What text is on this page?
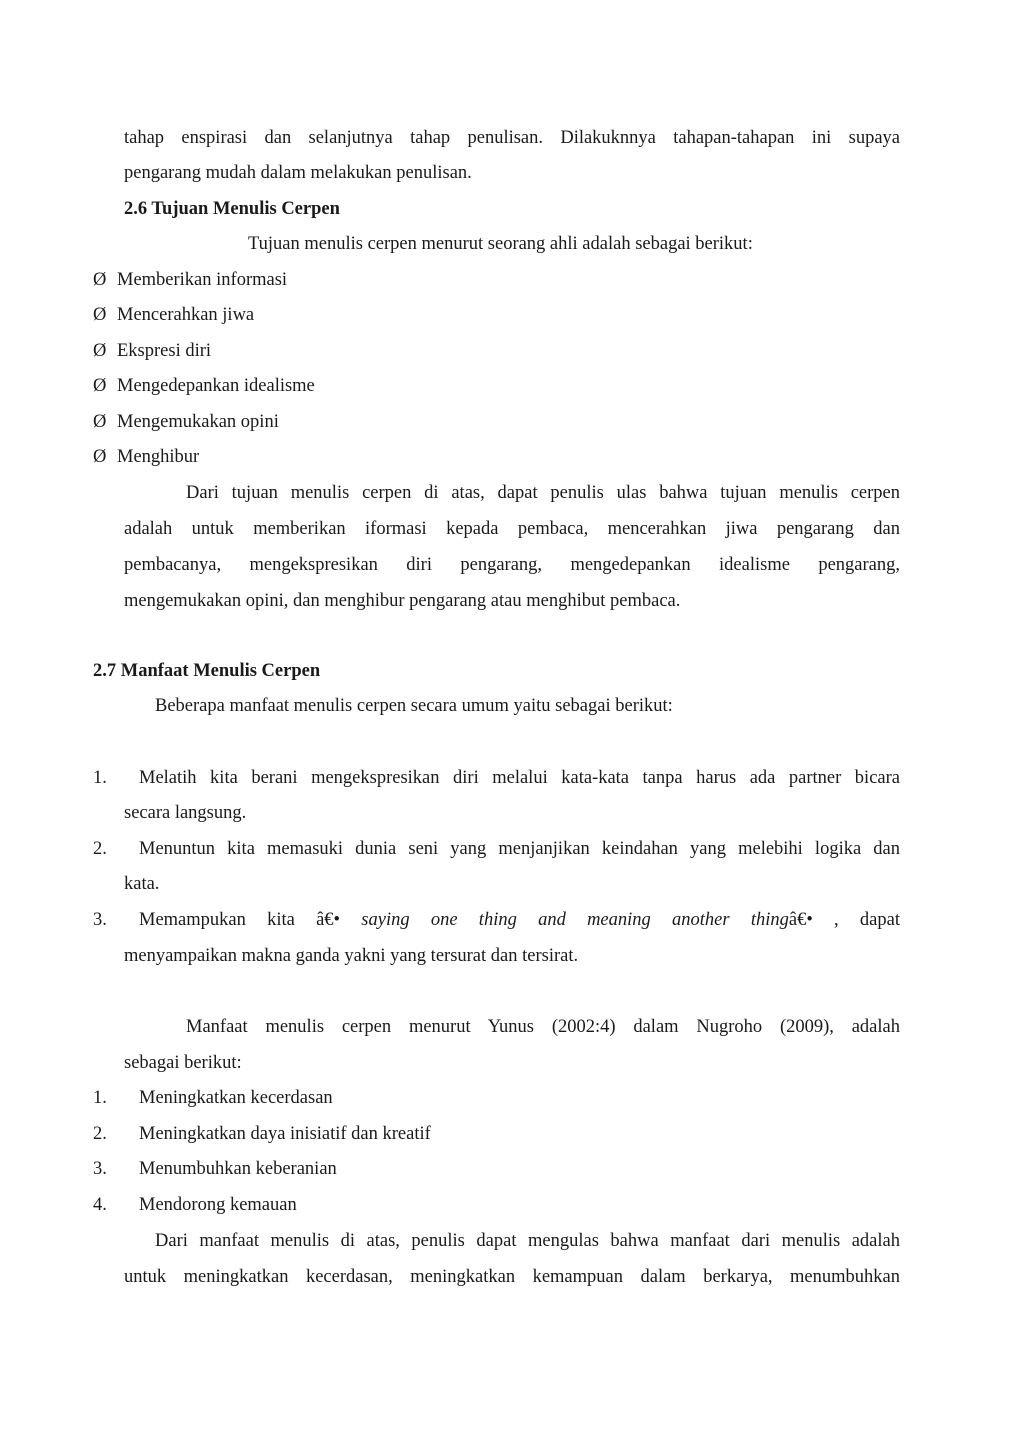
tahap enspirasi dan selanjutnya tahap penulisan. Dilakuknnya tahapan-tahapan ini supaya
pengarang mudah dalam melakukan penulisan.
2.6 Tujuan Menulis Cerpen
Tujuan menulis cerpen menurut seorang ahli adalah sebagai berikut:
Ø Memberikan informasi
Ø Mencerahkan jiwa
Ø Ekspresi diri
Ø Mengedepankan idealisme
Ø Mengemukakan opini
Ø Menghibur
Dari tujuan menulis cerpen di atas, dapat penulis ulas bahwa tujuan menulis cerpen
adalah untuk memberikan iformasi kepada pembaca, mencerahkan jiwa pengarang dan
pembacanya, mengekspresikan diri pengarang, mengedepankan idealisme pengarang,
mengemukakan opini, dan menghibur pengarang atau menghibut pembaca.
2.7 Manfaat Menulis Cerpen
Beberapa manfaat menulis cerpen secara umum yaitu sebagai berikut:
1. Melatih kita berani mengekspresikan diri melalui kata-kata tanpa harus ada partner bicara
secara langsung.
2. Menuntun kita memasuki dunia seni yang menjanjikan keindahan yang melebihi logika dan
kata.
3. Memampukan kita â€• saying one thing and meaning another thingâ€• , dapat
menyampaikan makna ganda yakni yang tersurat dan tersirat.
Manfaat menulis cerpen menurut Yunus (2002:4) dalam Nugroho (2009), adalah
sebagai berikut:
1. Meningkatkan kecerdasan
2. Meningkatkan daya inisiatif dan kreatif
3. Menumbuhkan keberanian
4. Mendorong kemauan
Dari manfaat menulis di atas, penulis dapat mengulas bahwa manfaat dari menulis adalah
untuk meningkatkan kecerdasan, meningkatkan kemampuan dalam berkarya, menumbuhkan
